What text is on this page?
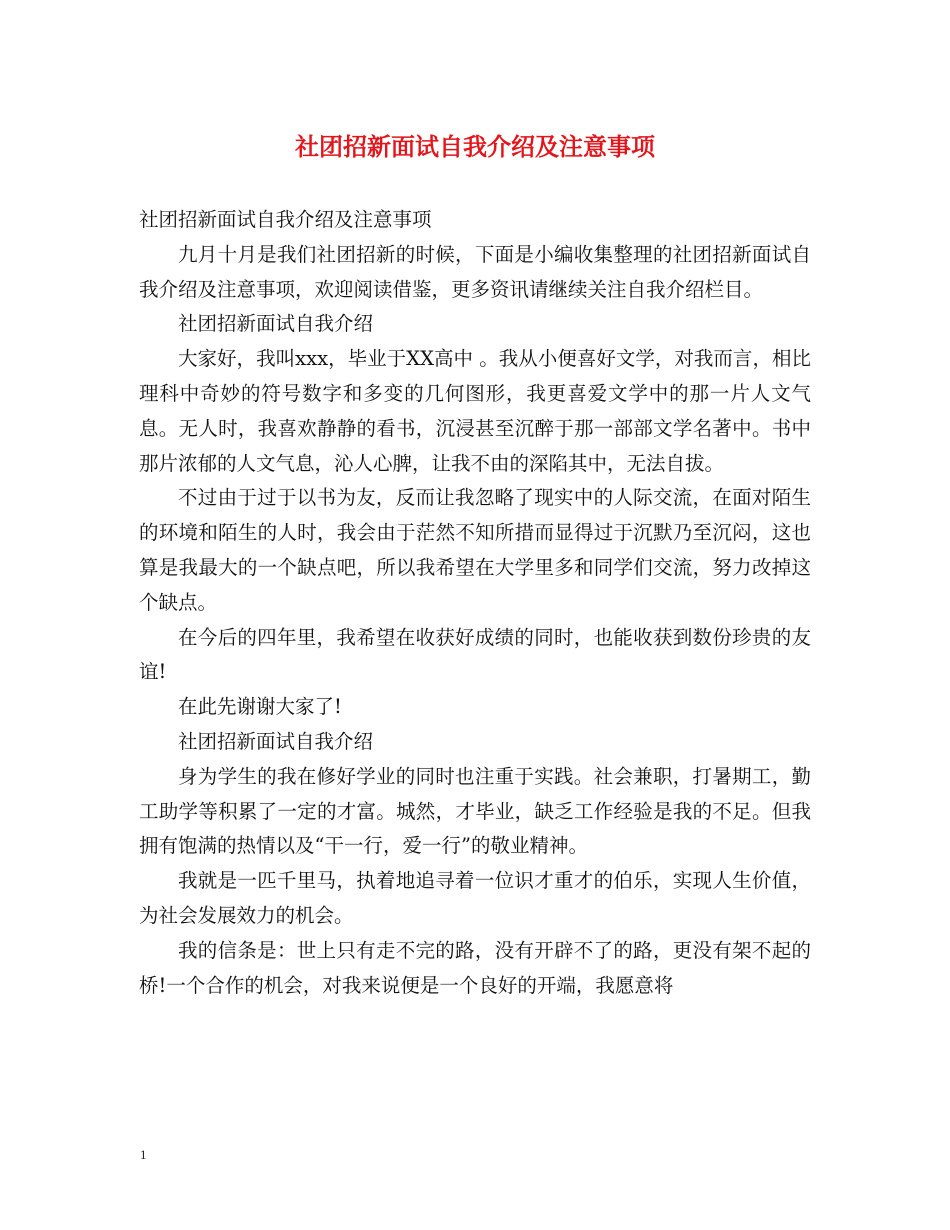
社团招新面试自我介绍及注意事项

社团招新面试自我介绍及注意事项

九月十月是我们社团招新的时候，下面是小编收集整理的社团招新面试自我介绍及注意事项，欢迎阅读借鉴，更多资讯请继续关注自我介绍栏目。

社团招新面试自我介绍

大家好，我叫xxx，毕业于XX高中 。我从小便喜好文学，对我而言，相比理科中奇妙的符号数字和多变的几何图形，我更喜爱文学中的那一片人文气息。无人时，我喜欢静静的看书，沉浸甚至沉醉于那一部部文学名著中。书中那片浓郁的人文气息，沁人心脾，让我不由的深陷其中，无法自拔。

不过由于过于以书为友，反而让我忽略了现实中的人际交流，在面对陌生的环境和陌生的人时，我会由于茫然不知所措而显得过于沉默乃至沉闷，这也算是我最大的一个缺点吧，所以我希望在大学里多和同学们交流，努力改掉这个缺点。

在今后的四年里，我希望在收获好成绩的同时，也能收获到数份珍贵的友谊!

在此先谢谢大家了!

社团招新面试自我介绍

身为学生的我在修好学业的同时也注重于实践。社会兼职，打暑期工，勤工助学等积累了一定的才富。城然，才毕业，缺乏工作经验是我的不足。但我拥有饱满的热情以及“干一行，爱一行”的敬业精神。

我就是一匹千里马，执着地追寻着一位识才重才的伯乐，实现人生价值，为社会发展效力的机会。

我的信条是：世上只有走不完的路，没有开辟不了的路，更没有架不起的桥!一个合作的机会，对我来说便是一个良好的开端，我愿意将

1
